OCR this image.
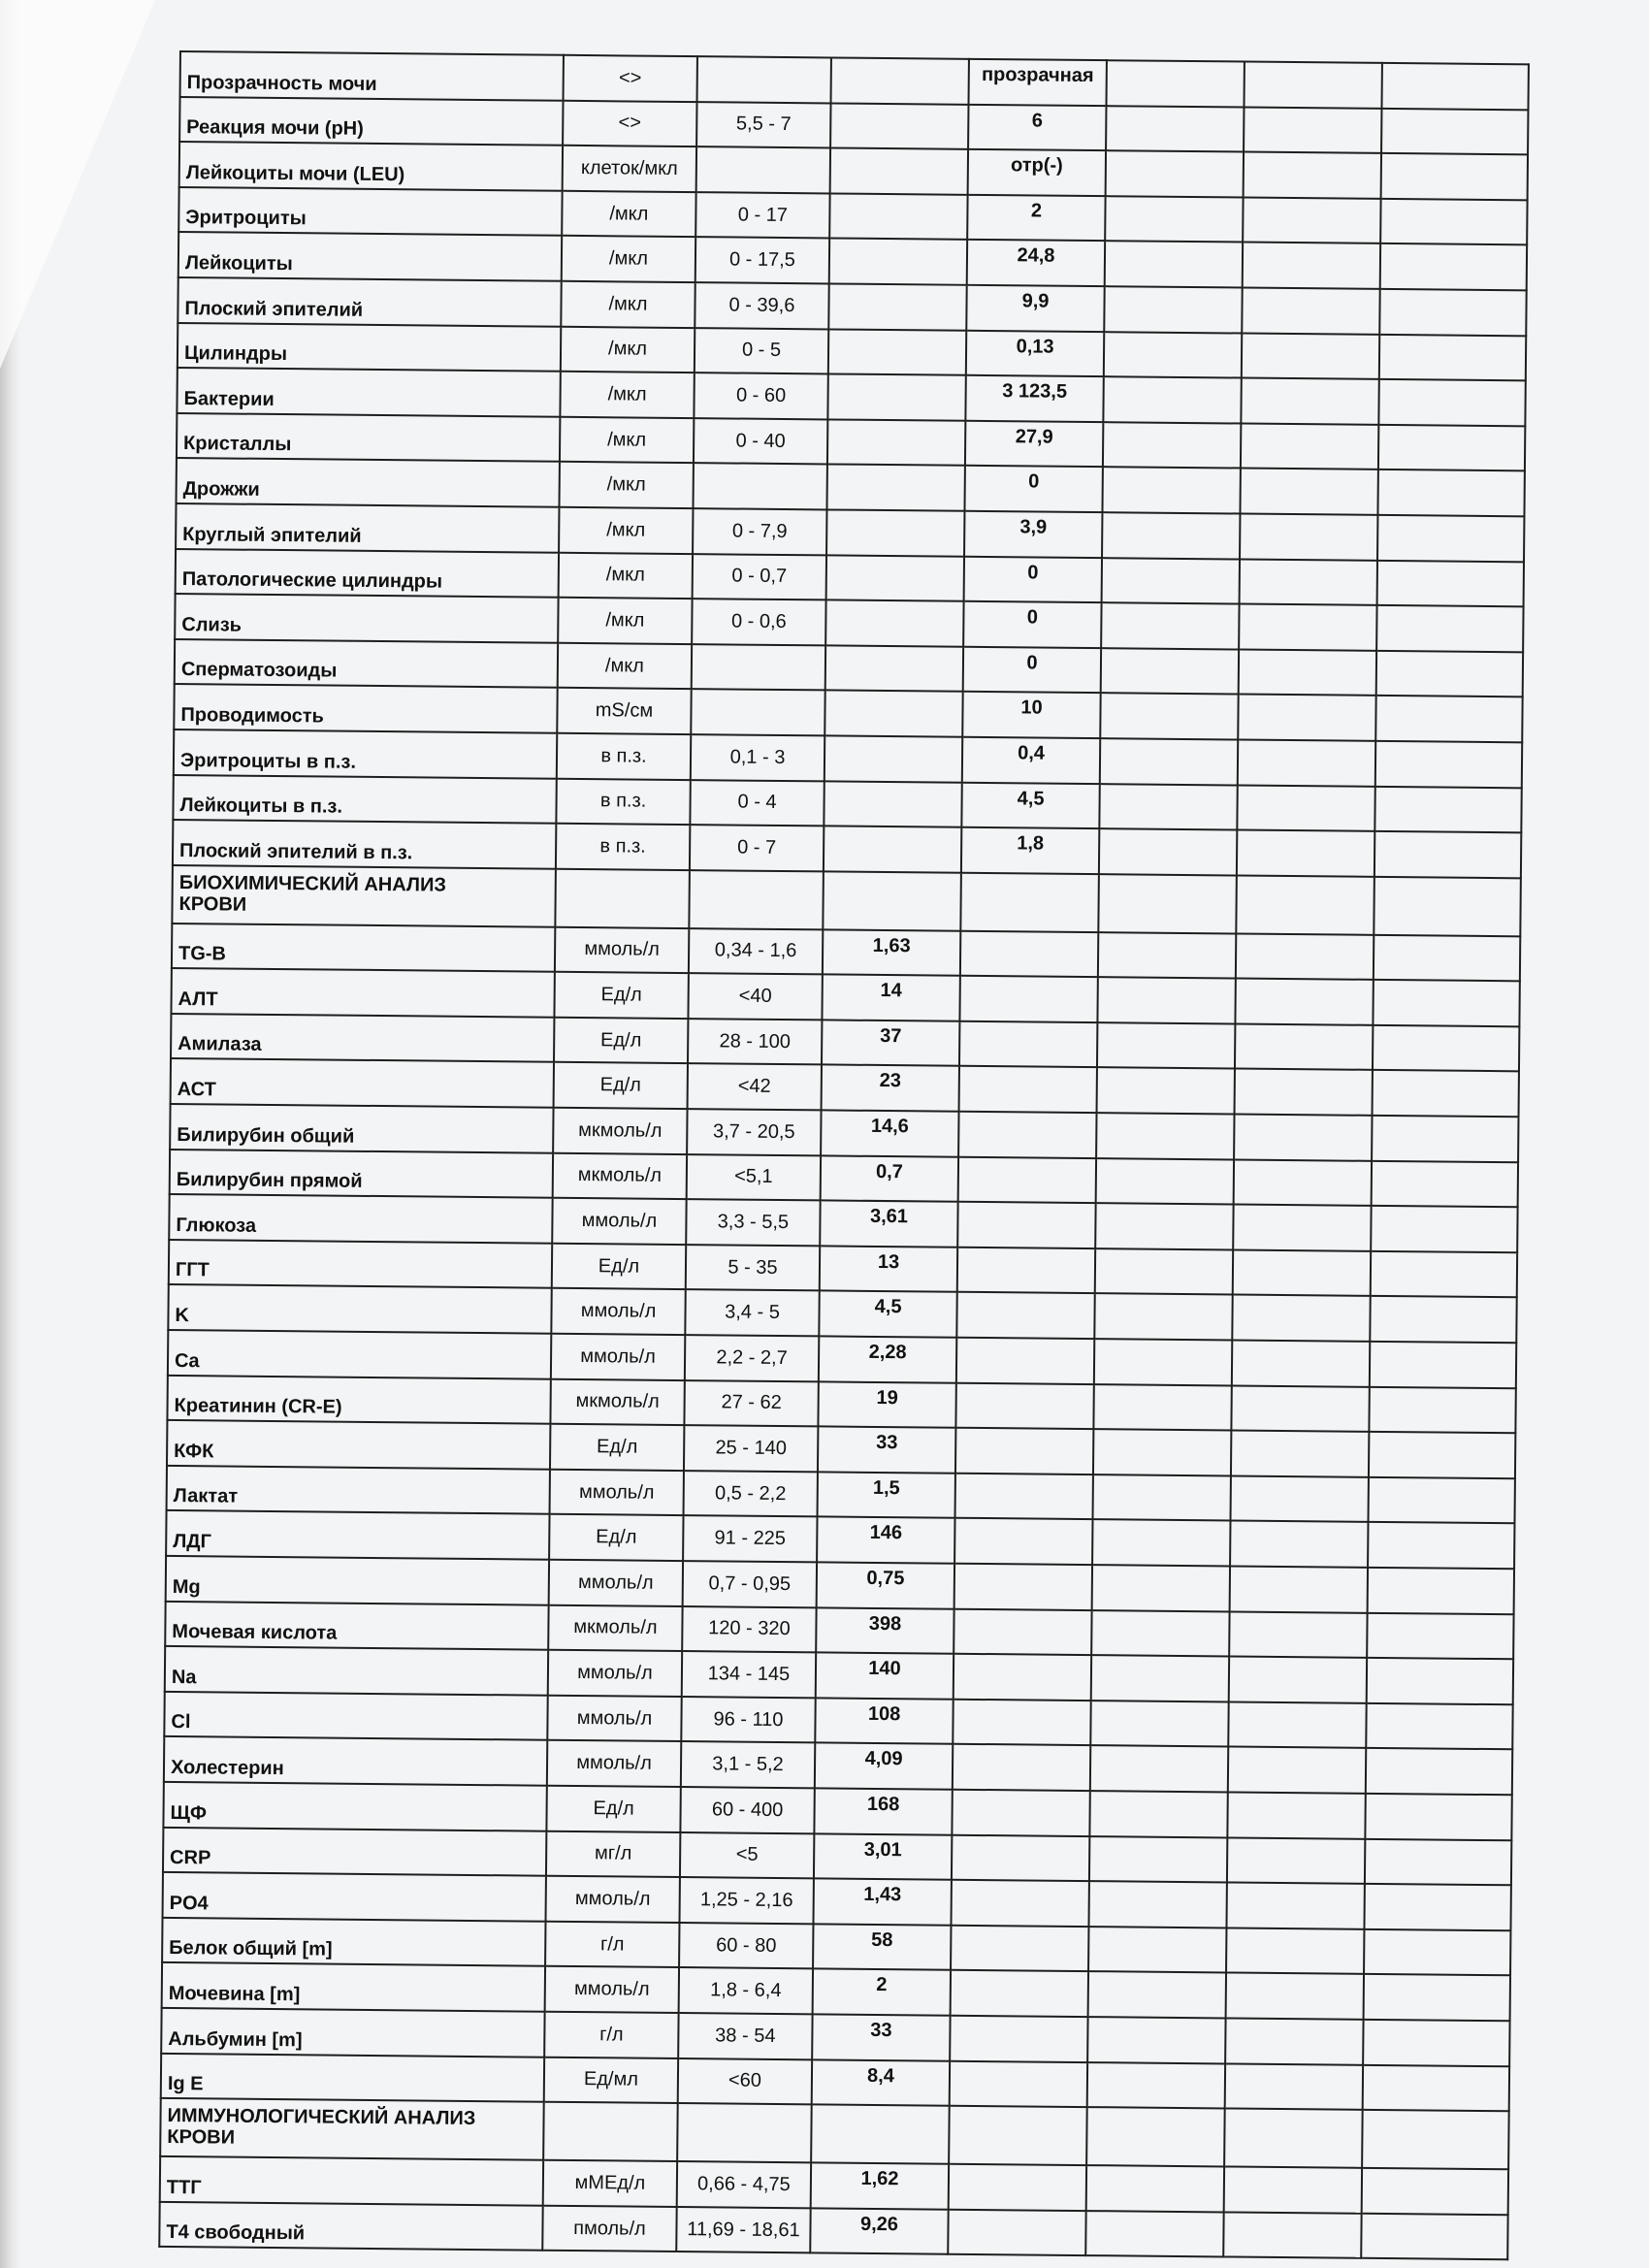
Прозрачность мочи	<>			прозрачная			
Реакция мочи (pH)	<>	5,5 - 7		6			
Лейкоциты мочи (LEU)	клеток/мкл			отр(-)			
Эритроциты	/мкл	0 - 17		2			
Лейкоциты	/мкл	0 - 17,5		24,8			
Плоский эпителий	/мкл	0 - 39,6		9,9			
Цилиндры	/мкл	0 - 5		0,13			
Бактерии	/мкл	0 - 60		3 123,5			
Кристаллы	/мкл	0 - 40		27,9			
Дрожжи	/мкл			0			
Круглый эпителий	/мкл	0 - 7,9		3,9			
Патологические цилиндры	/мкл	0 - 0,7		0			
Слизь	/мкл	0 - 0,6		0			
Сперматозоиды	/мкл			0			
Проводимость	mS/cм			10			
Эритроциты в п.з.	в п.з.	0,1 - 3		0,4			
Лейкоциты в п.з.	в п.з.	0 - 4		4,5			
Плоский эпителий в п.з.	в п.з.	0 - 7		1,8			
БИОХИМИЧЕСКИЙ АНАЛИЗ
КРОВИ							
TG-B	ммоль/л	0,34 - 1,6	1,63				
АЛТ	Ед/л	<40	14				
Амилаза	Ед/л	28 - 100	37				
АСТ	Ед/л	<42	23				
Билирубин общий	мкмоль/л	3,7 - 20,5	14,6				
Билирубин прямой	мкмоль/л	<5,1	0,7				
Глюкоза	ммоль/л	3,3 - 5,5	3,61				
ГГТ	Ед/л	5 - 35	13				
K	ммоль/л	3,4 - 5	4,5				
Ca	ммоль/л	2,2 - 2,7	2,28				
Креатинин (CR-E)	мкмоль/л	27 - 62	19				
КФК	Ед/л	25 - 140	33				
Лактат	ммоль/л	0,5 - 2,2	1,5				
ЛДГ	Ед/л	91 - 225	146				
Mg	ммоль/л	0,7 - 0,95	0,75				
Мочевая кислота	мкмоль/л	120 - 320	398				
Na	ммоль/л	134 - 145	140				
Cl	ммоль/л	96 - 110	108				
Холестерин	ммоль/л	3,1 - 5,2	4,09				
ЩФ	Ед/л	60 - 400	168				
CRP	мг/л	<5	3,01				
PO4	ммоль/л	1,25 - 2,16	1,43				
Белок общий [m]	г/л	60 - 80	58				
Мочевина [m]	ммоль/л	1,8 - 6,4	2				
Альбумин [m]	г/л	38 - 54	33				
Ig E	Ед/мл	<60	8,4				
ИММУНОЛОГИЧЕСКИЙ АНАЛИЗ
КРОВИ							
ТТГ	мМЕд/л	0,66 - 4,75	1,62				
Т4 свободный	пмоль/л	11,69 - 18,61	9,26				
